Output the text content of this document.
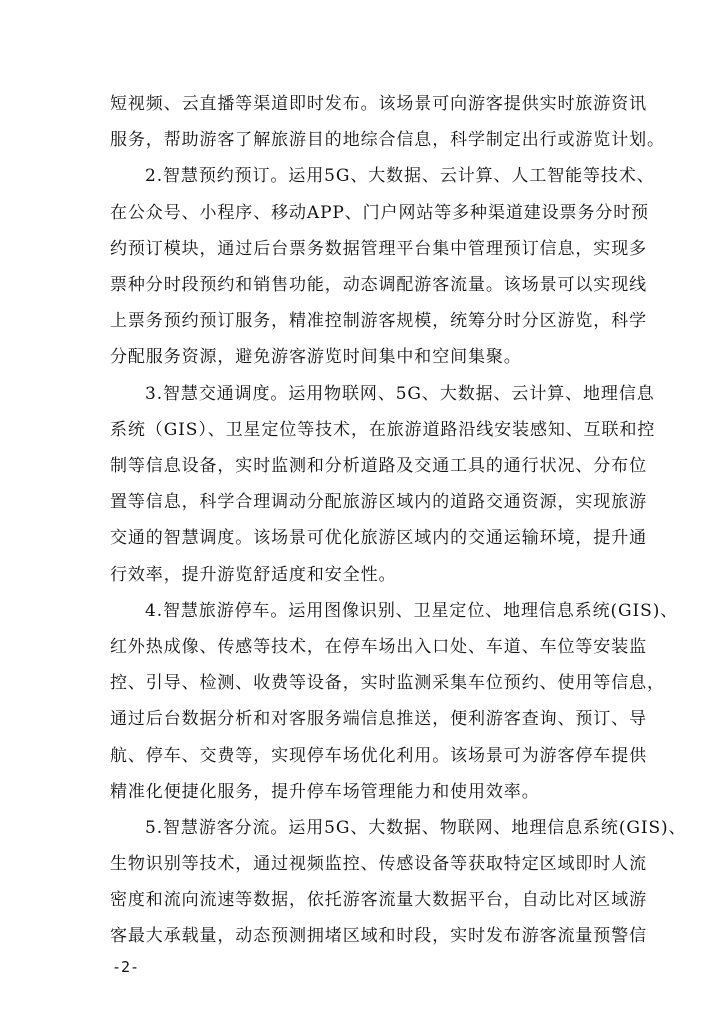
短视频、云直播等渠道即时发布。该场景可向游客提供实时旅游资讯
服务，帮助游客了解旅游目的地综合信息，科学制定出行或游览计划。
2.智慧预约预订。运用5G、大数据、云计算、人工智能等技术、
在公众号、小程序、移动APP、门户网站等多种渠道建设票务分时预
约预订模块，通过后台票务数据管理平台集中管理预订信息，实现多
票种分时段预约和销售功能，动态调配游客流量。该场景可以实现线
上票务预约预订服务，精准控制游客规模，统筹分时分区游览，科学
分配服务资源，避免游客游览时间集中和空间集聚。
3.智慧交通调度。运用物联网、5G、大数据、云计算、地理信息
系统（GIS）、卫星定位等技术，在旅游道路沿线安装感知、互联和控
制等信息设备，实时监测和分析道路及交通工具的通行状况、分布位
置等信息，科学合理调动分配旅游区域内的道路交通资源，实现旅游
交通的智慧调度。该场景可优化旅游区域内的交通运输环境，提升通
行效率，提升游览舒适度和安全性。
4.智慧旅游停车。运用图像识别、卫星定位、地理信息系统(GIS)、
红外热成像、传感等技术，在停车场出入口处、车道、车位等安装监
控、引导、检测、收费等设备，实时监测采集车位预约、使用等信息，
通过后台数据分析和对客服务端信息推送，便利游客查询、预订、导
航、停车、交费等，实现停车场优化利用。该场景可为游客停车提供
精准化便捷化服务，提升停车场管理能力和使用效率。
5.智慧游客分流。运用5G、大数据、物联网、地理信息系统(GIS)、
生物识别等技术，通过视频监控、传感设备等获取特定区域即时人流
密度和流向流速等数据，依托游客流量大数据平台，自动比对区域游
客最大承载量，动态预测拥堵区域和时段，实时发布游客流量预警信
-2-
